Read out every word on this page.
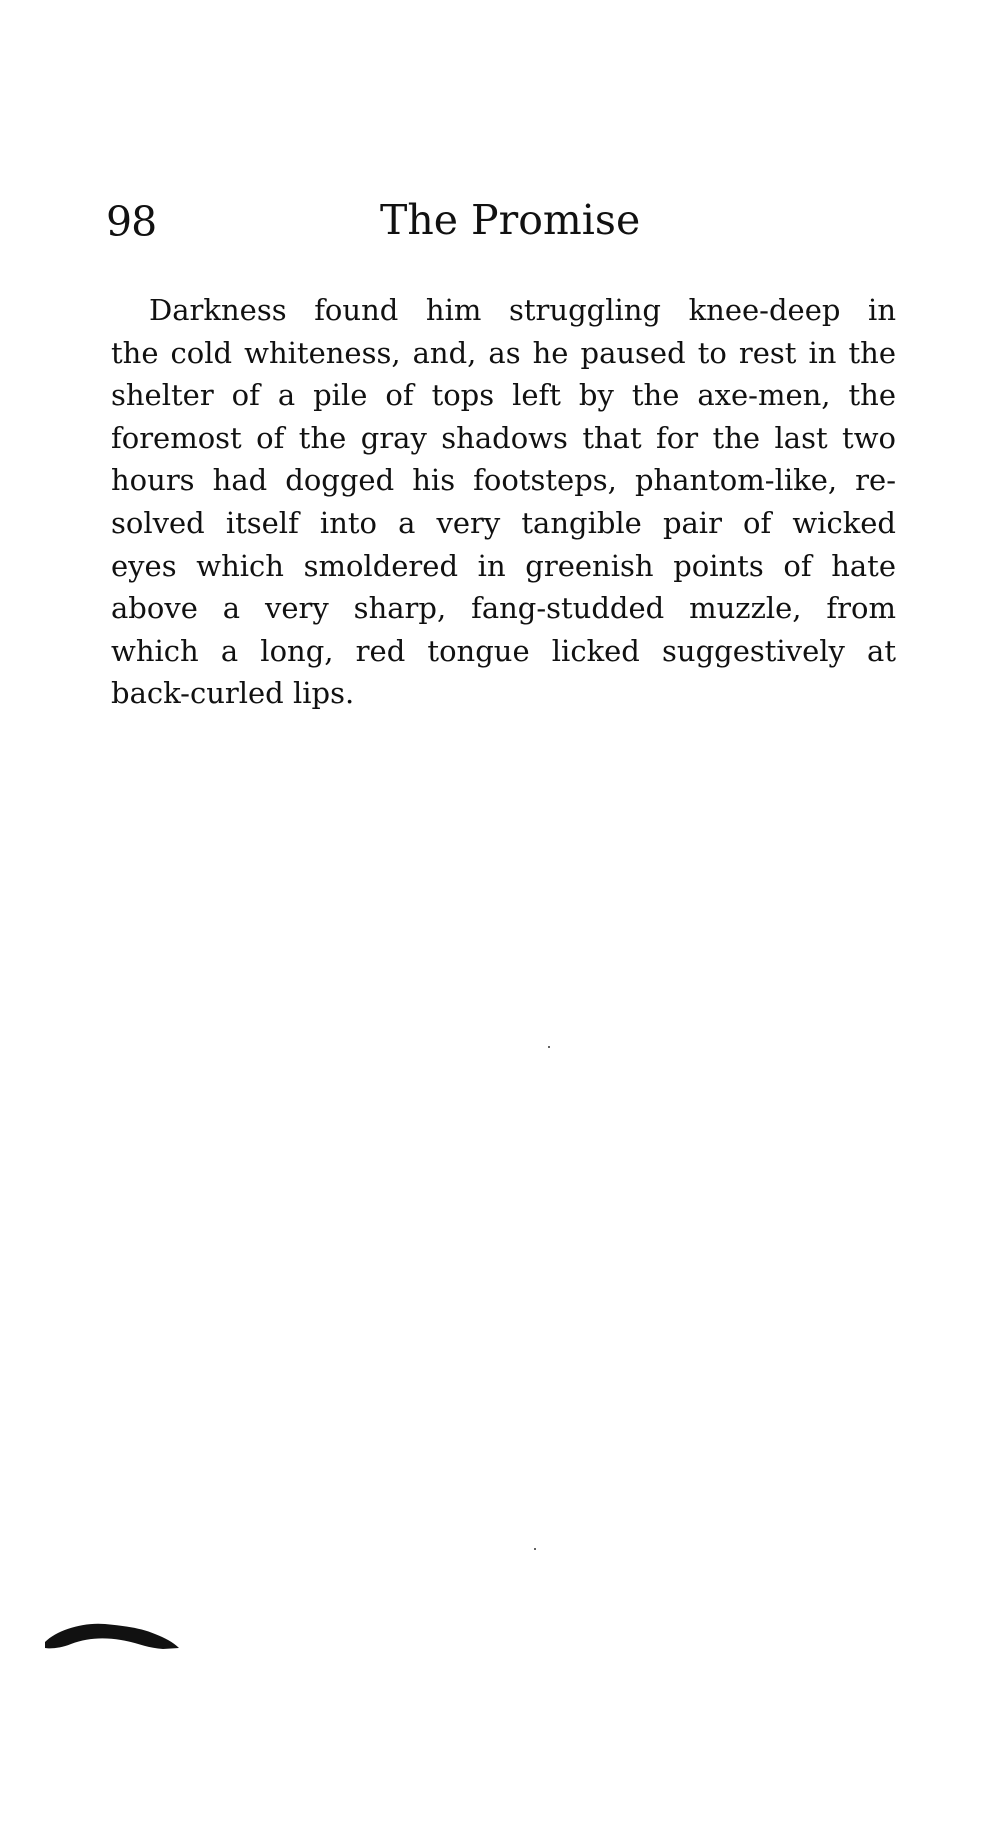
98	The Promise
Darkness found him struggling knee-deep in
the cold whiteness, and, as he paused to rest in the
shelter of a pile of tops left by the axe-men, the
foremost of the gray shadows that for the last two
hours had dogged his footsteps, phantom-like, re-
solved itself into a very tangible pair of wicked
eyes which smoldered in greenish points of hate
above a very sharp, fang-studded muzzle, from
which a long, red tongue licked suggestively at
back-curled lips.
